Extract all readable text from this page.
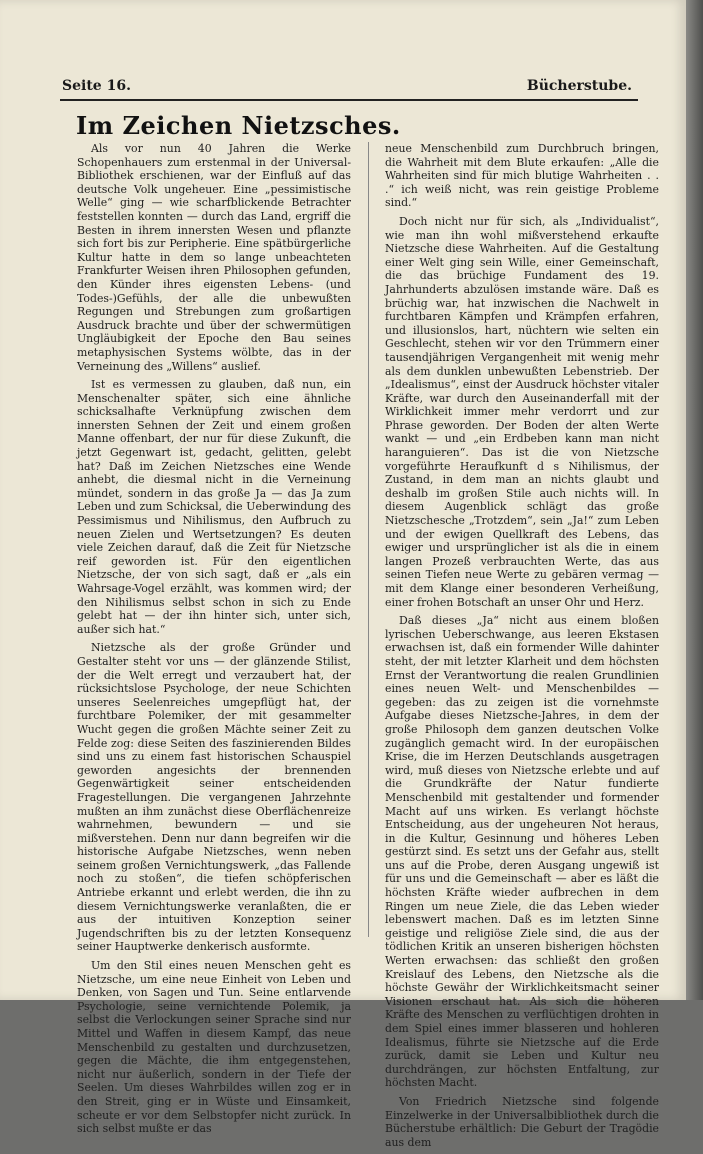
Seite 16.	Bücherstube.
Im Zeichen Nietzsches.

Als vor nun 40 Jahren die Werke Schopenhauers zum erstenmal in der Universal-Bibliothek erschienen, war der Einfluß auf das deutsche Volk ungeheuer. Eine „pessimistische Welle“ ging — wie scharfblickende Betrachter feststellen konnten — durch das Land, ergriff die Besten in ihrem innersten Wesen und pflanzte sich fort bis zur Peripherie. Eine spätbürgerliche Kultur hatte in dem so lange unbeachteten Frankfurter Weisen ihren Philosophen gefunden, den Künder ihres eigensten Lebens- (und Todes-)Gefühls, der alle die unbewußten Regungen und Strebungen zum großartigen Ausdruck brachte und über der schwermütigen Ungläubigkeit der Epoche den Bau seines metaphysischen Systems wölbte, das in der Verneinung des „Willens“ auslief.

Ist es vermessen zu glauben, daß nun, ein Menschenalter später, sich eine ähnliche schicksalhafte Verknüpfung zwischen dem innersten Sehnen der Zeit und einem großen Manne offenbart, der nur für diese Zukunft, die jetzt Gegenwart ist, gedacht, gelitten, gelebt hat? Daß im Zeichen Nietzsches eine Wende anhebt, die diesmal nicht in die Verneinung mündet, sondern in das große Ja — das Ja zum Leben und zum Schicksal, die Ueberwindung des Pessimismus und Nihilismus, den Aufbruch zu neuen Zielen und Wertsetzungen? Es deuten viele Zeichen darauf, daß die Zeit für Nietzsche reif geworden ist. Für den eigentlichen Nietzsche, der von sich sagt, daß er „als ein Wahrsage-Vogel erzählt, was kommen wird; der den Nihilismus selbst schon in sich zu Ende gelebt hat — der ihn hinter sich, unter sich, außer sich hat.“

Nietzsche als der große Gründer und Gestalter steht vor uns — der glänzende Stilist, der die Welt erregt und verzaubert hat, der rücksichtslose Psychologe, der neue Schichten unseres Seelenreiches umgepflügt hat, der furchtbare Polemiker, der mit gesammelter Wucht gegen die großen Mächte seiner Zeit zu Felde zog: diese Seiten des faszinierenden Bildes sind uns zu einem fast historischen Schauspiel geworden angesichts der brennenden Gegenwärtigkeit seiner entscheidenden Fragestellungen. Die vergangenen Jahrzehnte mußten an ihm zunächst diese Oberflächenreize wahrnehmen, bewundern — und sie mißverstehen. Denn nur dann begreifen wir die historische Aufgabe Nietzsches, wenn neben seinem großen Vernichtungswerk, „das Fallende noch zu stoßen“, die tiefen schöpferischen Antriebe erkannt und erlebt werden, die ihn zu diesem Vernichtungswerke veranlaßten, die er aus der intuitiven Konzeption seiner Jugendschriften bis zu der letzten Konsequenz seiner Hauptwerke denkerisch ausformte.

Um den Stil eines neuen Menschen geht es Nietzsche, um eine neue Einheit von Leben und Denken, von Sagen und Tun. Seine entlarvende Psychologie, seine vernichtende Polemik, ja selbst die Verlockungen seiner Sprache sind nur Mittel und Waffen in diesem Kampf, das neue Menschenbild zu gestalten und durchzusetzen, gegen die Mächte, die ihm entgegenstehen, nicht nur äußerlich, sondern in der Tiefe der Seelen. Um dieses Wahrbildes willen zog er in den Streit, ging er in Wüste und Einsamkeit, scheute er vor dem Selbstopfer nicht zurück. In sich selbst mußte er das

neue Menschenbild zum Durchbruch bringen, die Wahrheit mit dem Blute erkaufen: „Alle die Wahrheiten sind für mich blutige Wahrheiten . . .“ ich weiß nicht, was rein geistige Probleme sind.“

Doch nicht nur für sich, als „Individualist“, wie man ihn wohl mißverstehend erkaufte Nietzsche diese Wahrheiten. Auf die Gestaltung einer Welt ging sein Wille, einer Gemeinschaft, die das brüchige Fundament des 19. Jahrhunderts abzulösen imstande wäre. Daß es brüchig war, hat inzwischen die Nachwelt in furchtbaren Kämpfen und Krämpfen erfahren, und illusionslos, hart, nüchtern wie selten ein Geschlecht, stehen wir vor den Trümmern einer tausendjährigen Vergangenheit mit wenig mehr als dem dunklen unbewußten Lebenstrieb. Der „Idealismus“, einst der Ausdruck höchster vitaler Kräfte, war durch den Auseinanderfall mit der Wirklichkeit immer mehr verdorrt und zur Phrase geworden. Der Boden der alten Werte wankt — und „ein Erdbeben kann man nicht haranguieren“. Das ist die von Nietzsche vorgeführte Heraufkunft d s Nihilismus, der Zustand, in dem man an nichts glaubt und deshalb im großen Stile auch nichts will. In diesem Augenblick schlägt das große Nietzschesche „Trotzdem“, sein „Ja!“ zum Leben und der ewigen Quellkraft des Lebens, das ewiger und ursprünglicher ist als die in einem langen Prozeß verbrauchten Werte, das aus seinen Tiefen neue Werte zu gebären vermag — mit dem Klange einer besonderen Verheißung, einer frohen Botschaft an unser Ohr und Herz.

Daß dieses „Ja“ nicht aus einem bloßen lyrischen Ueberschwange, aus leeren Ekstasen erwachsen ist, daß ein formender Wille dahinter steht, der mit letzter Klarheit und dem höchsten Ernst der Verantwortung die realen Grundlinien eines neuen Welt- und Menschenbildes — gegeben: das zu zeigen ist die vornehmste Aufgabe dieses Nietzsche-Jahres, in dem der große Philosoph dem ganzen deutschen Volke zugänglich gemacht wird. In der europäischen Krise, die im Herzen Deutschlands ausgetragen wird, muß dieses von Nietzsche erlebte und auf die Grundkräfte der Natur fundierte Menschenbild mit gestaltender und formender Macht auf uns wirken. Es verlangt höchste Entscheidung, aus der ungeheuren Not heraus, in die Kultur, Gesinnung und höheres Leben gestürzt sind. Es setzt uns der Gefahr aus, stellt uns auf die Probe, deren Ausgang ungewiß ist für uns und die Gemeinschaft — aber es läßt die höchsten Kräfte wieder aufbrechen in dem Ringen um neue Ziele, die das Leben wieder lebenswert machen. Daß es im letzten Sinne geistige und religiöse Ziele sind, die aus der tödlichen Kritik an unseren bisherigen höchsten Werten erwachsen: das schließt den großen Kreislauf des Lebens, den Nietzsche als die höchste Gewähr der Wirklichkeitsmacht seiner Visionen erschaut hat. Als sich die höheren Kräfte des Menschen zu verflüchtigen drohten in dem Spiel eines immer blasseren und hohleren Idealismus, führte sie Nietzsche auf die Erde zurück, damit sie Leben und Kultur neu durchdrängen, zur höchsten Entfaltung, zur höchsten Macht.

Von Friedrich Nietzsche sind folgende Einzelwerke in der Universalbibliothek durch die Bücherstube erhältlich: Die Geburt der Tragödie aus dem
